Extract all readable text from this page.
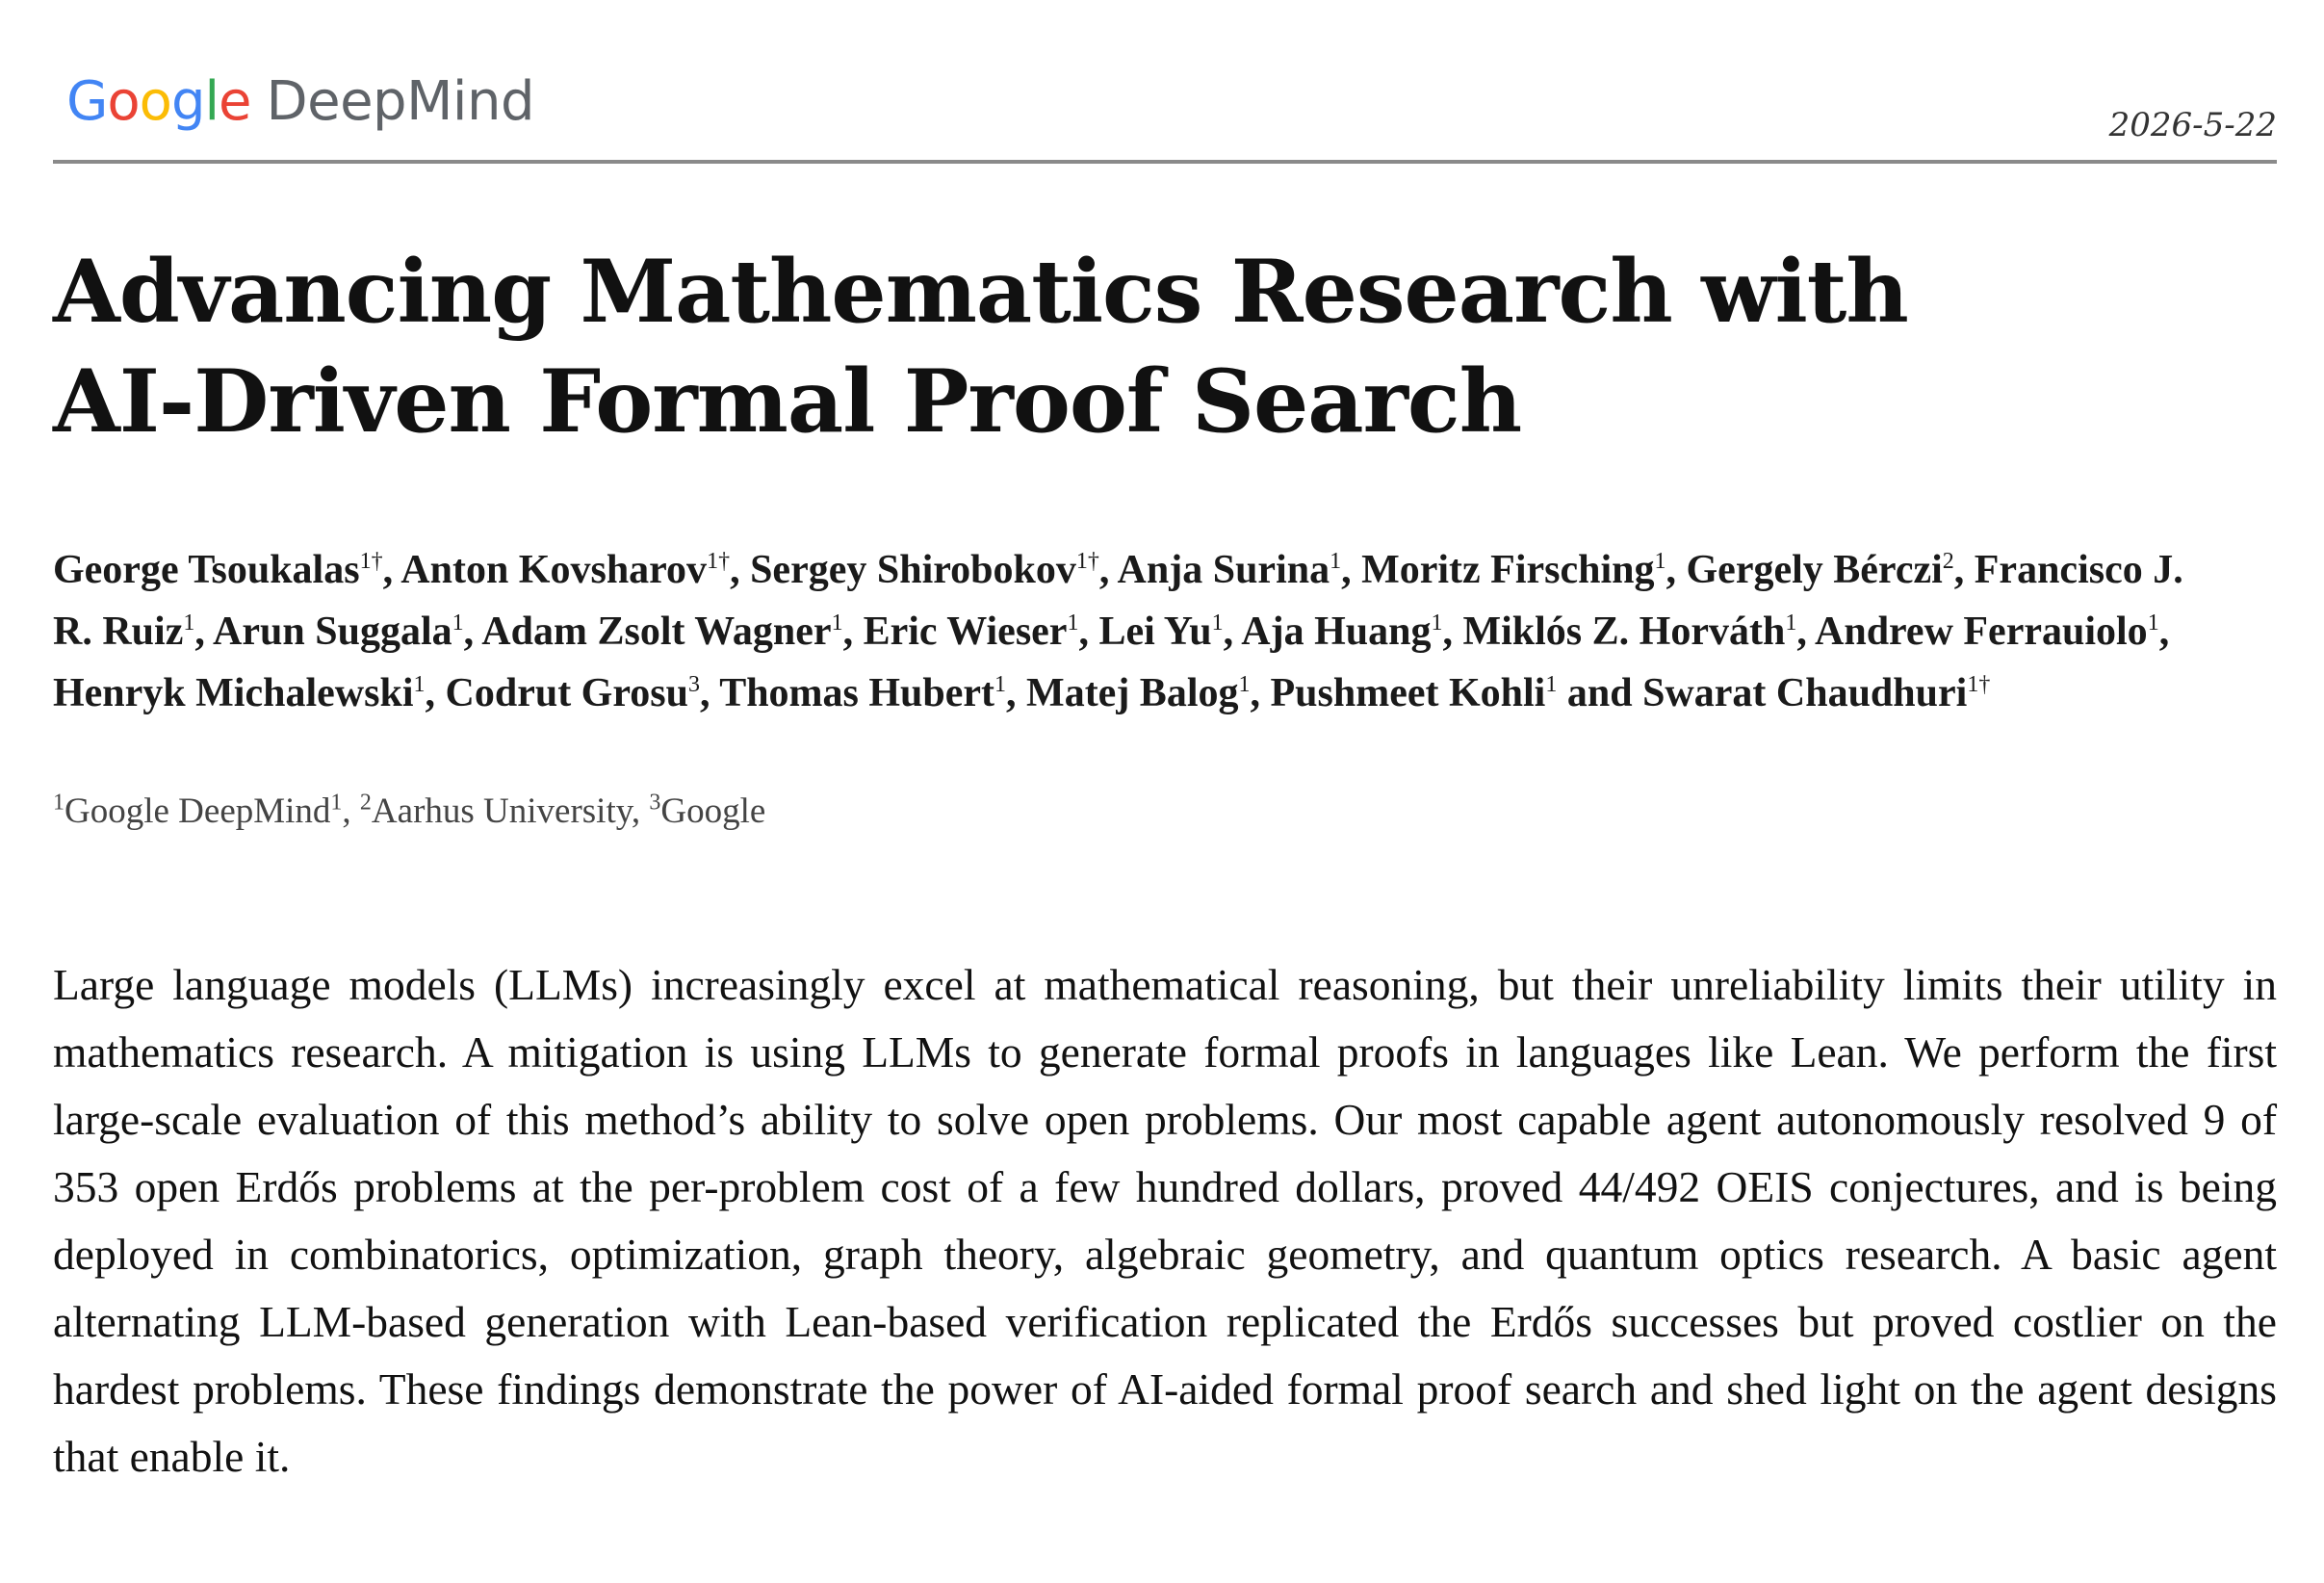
Google DeepMind	2026-5-22
Advancing Mathematics Research with
AI-Driven Formal Proof Search
George Tsoukalas$^{1\dagger}$, Anton Kovsharov$^{1\dagger}$, Sergey Shirobokov$^{1\dagger}$, Anja Surina$^1$, Moritz Firsching$^1$, Gergely Bérczi$^2$, Francisco J. R. Ruiz$^1$, Arun Suggala$^1$, Adam Zsolt Wagner$^1$, Eric Wieser$^1$, Lei Yu$^1$, Aja Huang$^1$, Miklós Z. Horváth$^1$, Andrew Ferrauiolo$^1$, Henryk Michalewski$^1$, Codrut Grosu$^3$, Thomas Hubert$^1$, Matej Balog$^1$, Pushmeet Kohli$^1$ and Swarat Chaudhuri$^{1\dagger}$
$^1$Google DeepMind$^1$, $^2$Aarhus University, $^3$Google

Large language models (LLMs) increasingly excel at mathematical reasoning, but their unreliability limits their utility in mathematics research. A mitigation is using LLMs to generate formal proofs in languages like Lean. We perform the first large-scale evaluation of this method’s ability to solve open problems. Our most capable agent autonomously resolved 9 of 353 open Erdős problems at the per-problem cost of a few hundred dollars, proved 44/492 OEIS conjectures, and is being deployed in combinatorics, optimization, graph theory, algebraic geometry, and quantum optics research. A basic agent alternating LLM-based generation with Lean-based verification replicated the Erdős successes but proved costlier on the hardest problems. These findings demonstrate the power of AI-aided formal proof search and shed light on the agent designs that enable it.
